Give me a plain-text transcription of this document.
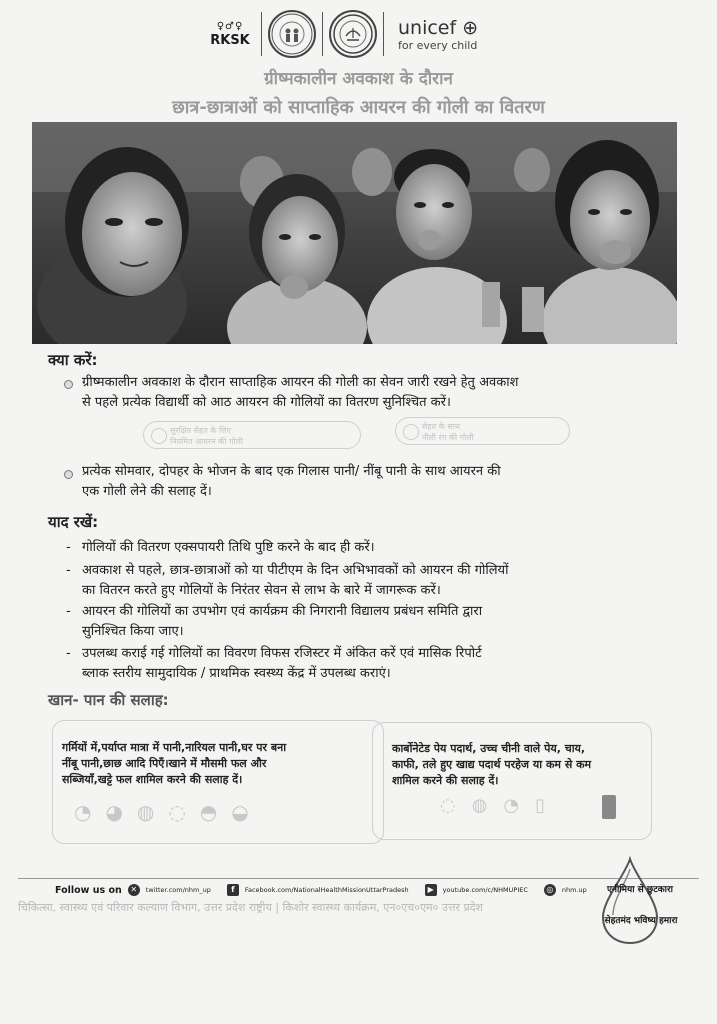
♀♂♀
RKSK
unicef ⊕
for every child
ग्रीष्मकालीन अवकाश के दौरान
छात्र-छात्राओं को साप्ताहिक आयरन की गोली का वितरण
क्या करें:
ग्रीष्मकालीन अवकाश के दौरान साप्ताहिक आयरन की गोली का सेवन जारी रखने हेतु अवकाश
से पहले प्रत्येक विद्यार्थी को आठ आयरन की गोलियों का वितरण सुनिश्चित करें।
सुरक्षित सेहत के लिए
नियमित आयरन की गोली
सेहत के साथ
नीली रंग की गोली
प्रत्येक सोमवार, दोपहर के भोजन के बाद एक गिलास पानी/ नींबू पानी के साथ आयरन की
एक गोली लेने की सलाह दें।
याद रखें:
- गोलियों की वितरण एक्सपायरी तिथि पुष्टि करने के बाद ही करें।
- अवकाश से पहले, छात्र-छात्राओं को या पीटीएम के दिन अभिभावकों को आयरन की गोलियों
का वितरन करते हुए गोलियों के निरंतर सेवन से लाभ के बारे में जागरूक करें।
- आयरन की गोलियों का उपभोग एवं कार्यक्रम की निगरानी विद्यालय प्रबंधन समिति द्वारा
सुनिश्चित किया जाए।
- उपलब्ध कराई गई गोलियों का विवरण विफस रजिस्टर में अंकित करें एवं मासिक रिपोर्ट
ब्लाक स्तरीय सामुदायिक / प्राथमिक स्वस्थ्य केंद्र में उपलब्ध कराएं।
खान- पान की सलाह:
गर्मियों में,पर्याप्त मात्रा में पानी,नारियल पानी,घर पर बना
नींबू पानी,छाछ आदि पिएँ।खाने में मौसमी फल और
सब्जियाँ,खट्टे फल शामिल करने की सलाह दें।
◔◕◍◌◓◒
कार्बोनेटेड पेय पदार्थ, उच्च चीनी वाले पेय, चाय,
काफी, तले हुए खाद्य पदार्थ परहेज या कम से कम
शामिल करने की सलाह दें।
◌◍◔▯
Follow us on	✕	twitter.com/nhm_up	f	Facebook.com/NationalHealthMissionUttarPradesh	▶	youtube.com/c/NHMUPIEC	◎	nhm.up
चिकित्सा, स्वास्थ्य एवं परिवार कल्याण विभाग, उत्तर प्रदेश राष्ट्रीय | किशोर स्वास्थ्य कार्यक्रम, एन०एच०एम० उत्तर प्रदेश
एनीमिया से छुटकारा
सेहतमंद भविष्य हमारा
